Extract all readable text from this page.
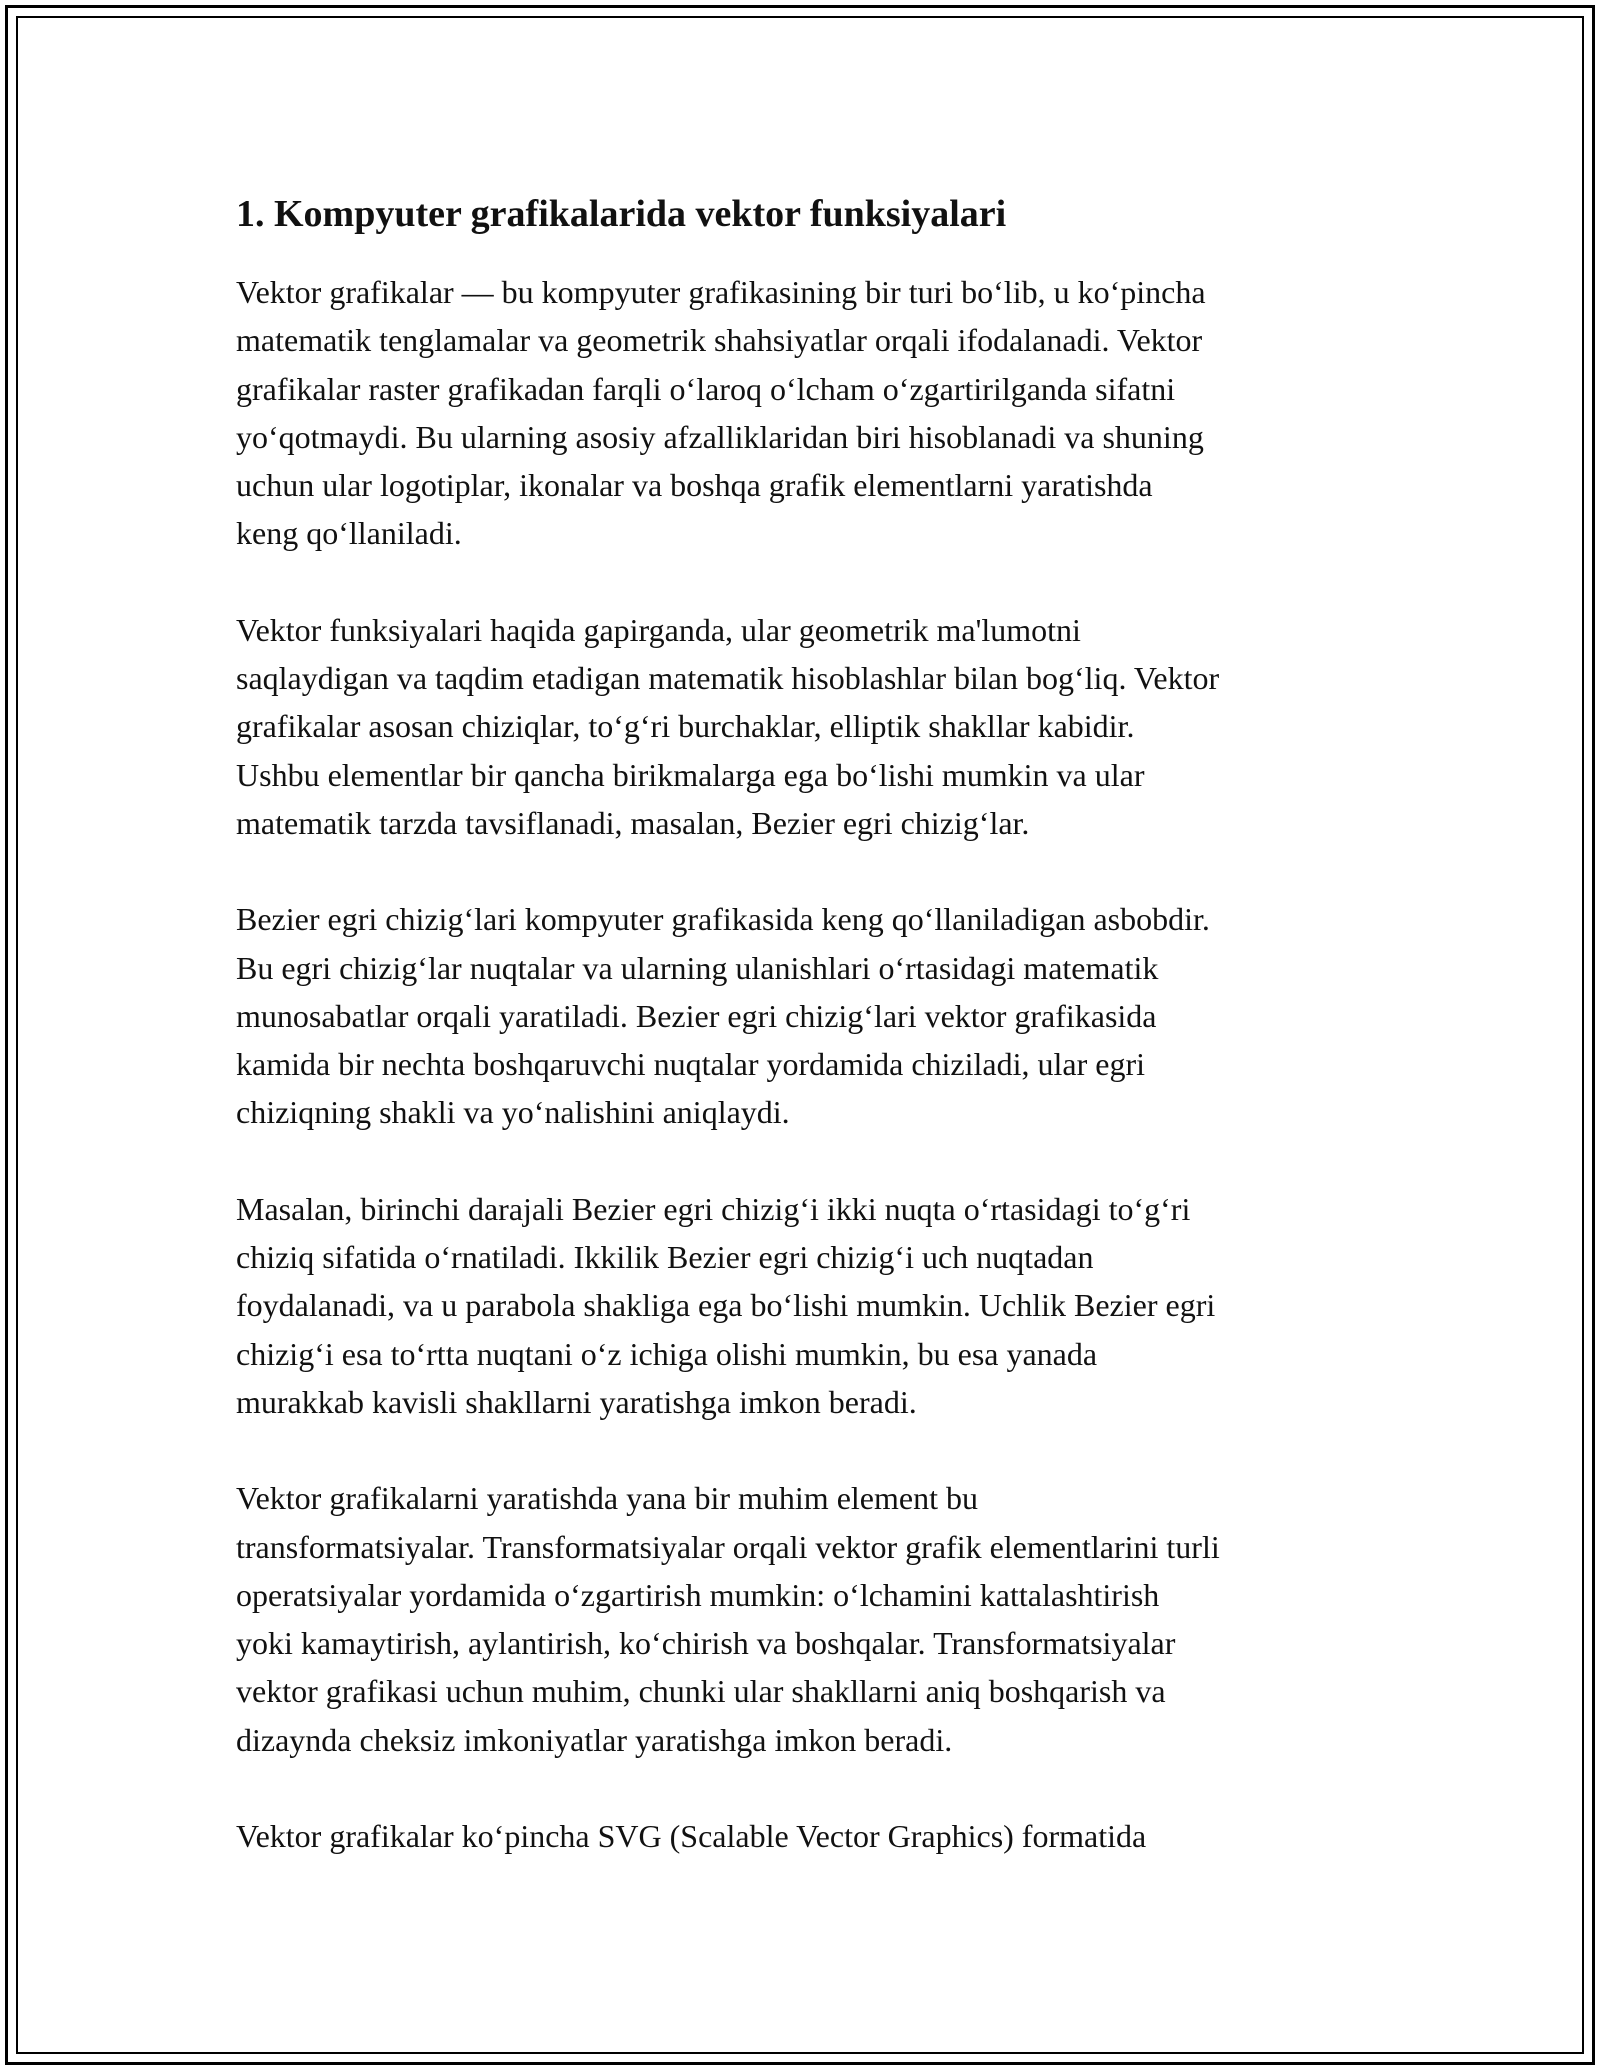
1. Kompyuter grafikalarida vektor funksiyalari

Vektor grafikalar — bu kompyuter grafikasining bir turi bo‘lib, u ko‘pincha
matematik tenglamalar va geometrik shahsiyatlar orqali ifodalanadi. Vektor
grafikalar raster grafikadan farqli o‘laroq o‘lcham o‘zgartirilganda sifatni
yo‘qotmaydi. Bu ularning asosiy afzalliklaridan biri hisoblanadi va shuning
uchun ular logotiplar, ikonalar va boshqa grafik elementlarni yaratishda
keng qo‘llaniladi.

Vektor funksiyalari haqida gapirganda, ular geometrik ma'lumotni
saqlaydigan va taqdim etadigan matematik hisoblashlar bilan bog‘liq. Vektor
grafikalar asosan chiziqlar, to‘g‘ri burchaklar, elliptik shakllar kabidir.
Ushbu elementlar bir qancha birikmalarga ega bo‘lishi mumkin va ular
matematik tarzda tavsiflanadi, masalan, Bezier egri chizig‘lar.

Bezier egri chizig‘lari kompyuter grafikasida keng qo‘llaniladigan asbobdir.
Bu egri chizig‘lar nuqtalar va ularning ulanishlari o‘rtasidagi matematik
munosabatlar orqali yaratiladi. Bezier egri chizig‘lari vektor grafikasida
kamida bir nechta boshqaruvchi nuqtalar yordamida chiziladi, ular egri
chiziqning shakli va yo‘nalishini aniqlaydi.

Masalan, birinchi darajali Bezier egri chizig‘i ikki nuqta o‘rtasidagi to‘g‘ri
chiziq sifatida o‘rnatiladi. Ikkilik Bezier egri chizig‘i uch nuqtadan
foydalanadi, va u parabola shakliga ega bo‘lishi mumkin. Uchlik Bezier egri
chizig‘i esa to‘rtta nuqtani o‘z ichiga olishi mumkin, bu esa yanada
murakkab kavisli shakllarni yaratishga imkon beradi.

Vektor grafikalarni yaratishda yana bir muhim element bu
transformatsiyalar. Transformatsiyalar orqali vektor grafik elementlarini turli
operatsiyalar yordamida o‘zgartirish mumkin: o‘lchamini kattalashtirish
yoki kamaytirish, aylantirish, ko‘chirish va boshqalar. Transformatsiyalar
vektor grafikasi uchun muhim, chunki ular shakllarni aniq boshqarish va
dizaynda cheksiz imkoniyatlar yaratishga imkon beradi.

Vektor grafikalar ko‘pincha SVG (Scalable Vector Graphics) formatida
